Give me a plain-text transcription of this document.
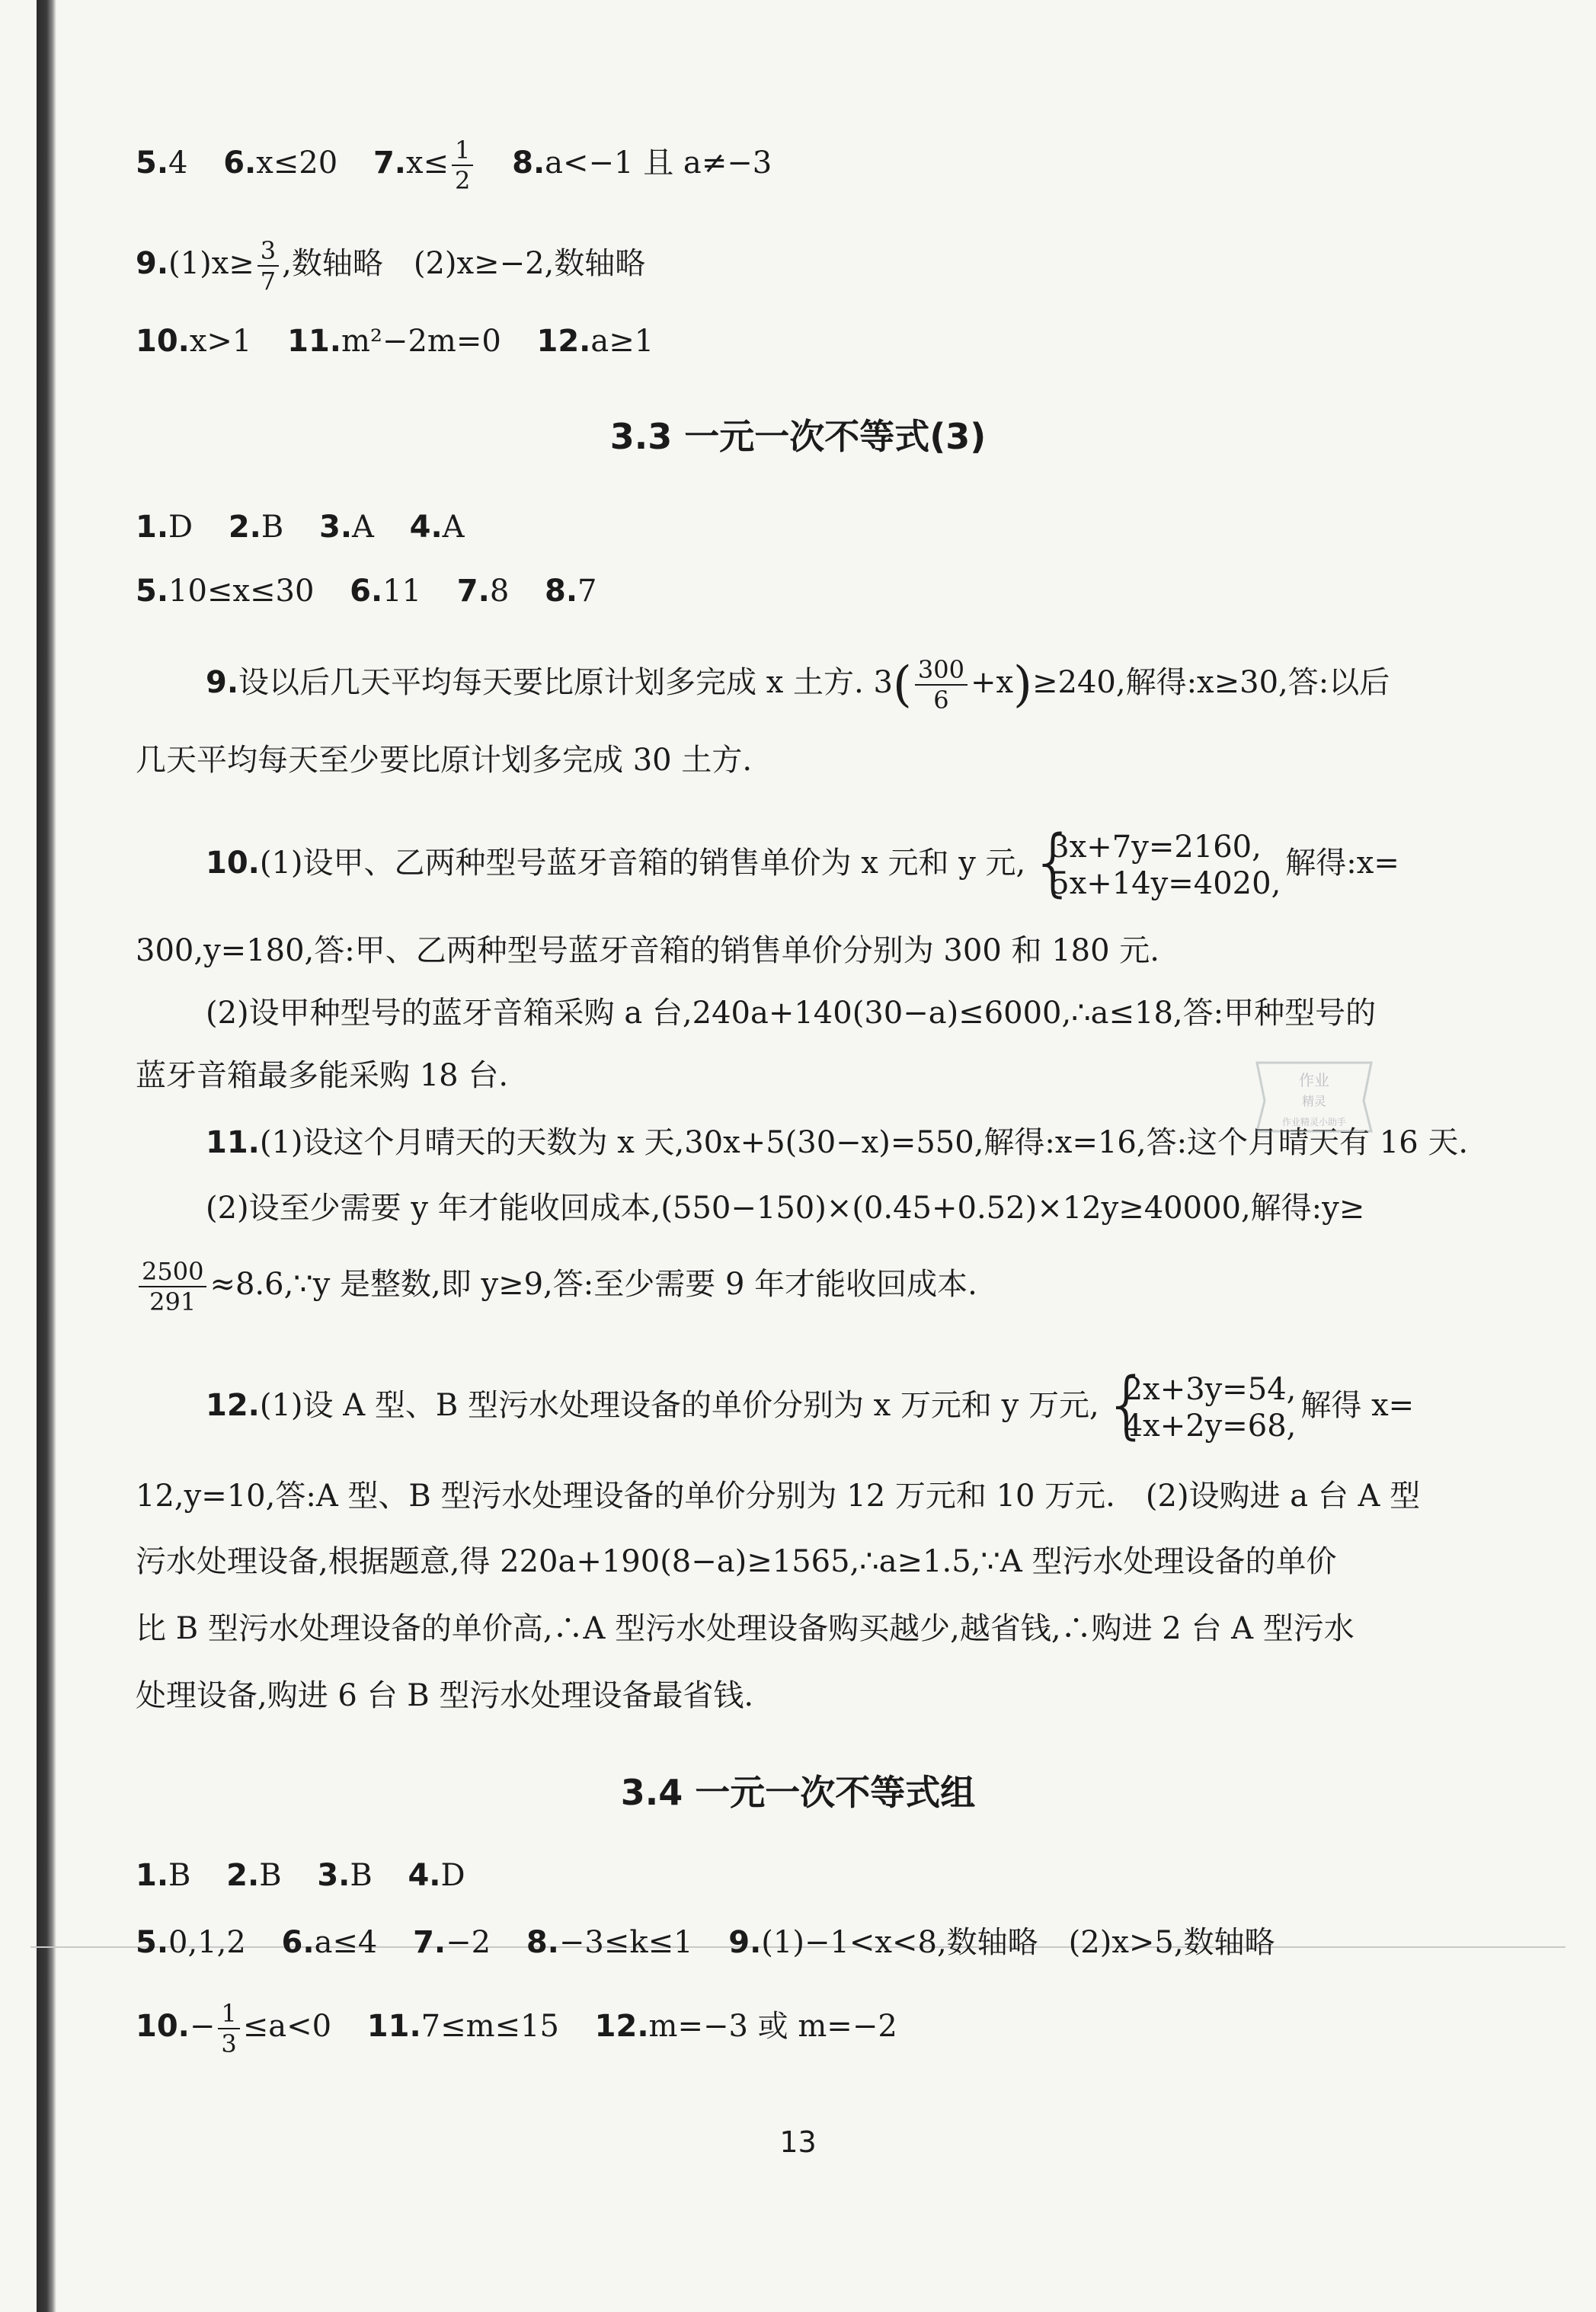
5.4 6.x≤20 $7.x\le \frac{1}{2} 8.a<-1$ 且 a≠−3
$9.(1)x\ge \frac{3}{7}$ ,数轴略　(2)x≥−2,数轴略
10.x>1 11.m²−2m=0 12.a≥1
3.3 一元一次不等式(3)
1.D 2.B 3.A 4.A
5.10≤x≤30 6.11 7.8 8.7
9.设以后几天平均每天要比原计划多完成 x 土方. $3( \frac{300}{6} +x)\ge 240$,解得:x≥30,答:以后
几天平均每天至少要比原计划多完成 30 土方.
10.(1)设甲、乙两种型号蓝牙音箱的销售单价为 x 元和 y 元, {
3x+7y=2160,
5x+14y=4020,
解得:x=
300,y=180,答:甲、乙两种型号蓝牙音箱的销售单价分别为 300 和 180 元.
(2)设甲种型号的蓝牙音箱采购 a 台,240a+140(30−a)≤6000,∴a≤18,答:甲种型号的
蓝牙音箱最多能采购 18 台.
11.(1)设这个月晴天的天数为 x 天,30x+5(30−x)=550,解得:x=16,答:这个月晴天有 16 天.
(2)设至少需要 y 年才能收回成本,(550−150)×(0.45+0.52)×12y≥40000,解得:y≥
$\frac{2500}{291}$ ≈8.6,∵y 是整数,即 y≥9,答:至少需要 9 年才能收回成本.
12.(1)设 A 型、B 型污水处理设备的单价分别为 x 万元和 y 万元, {
2x+3y=54,
4x+2y=68,
解得 x=
12,y=10,答:A 型、B 型污水处理设备的单价分别为 12 万元和 10 万元.　(2)设购进 a 台 A 型
污水处理设备,根据题意,得 220a+190(8−a)≥1565,∴a≥1.5,∵A 型污水处理设备的单价
比 B 型污水处理设备的单价高,∴A 型污水处理设备购买越少,越省钱,∴购进 2 台 A 型污水
处理设备,购进 6 台 B 型污水处理设备最省钱.
3.4 一元一次不等式组
1.B 2.B 3.B 4.D
5.0,1,2 6.a≤4 7.−2 8.−3≤k≤1 9.(1)−1<x<8,数轴略　(2)x>5,数轴略
$10.- \frac{1}{3} \le a<0$ 11.7≤m≤15 12.m=−3 或 m=−2
作业
精灵
作业精灵小助手
13
